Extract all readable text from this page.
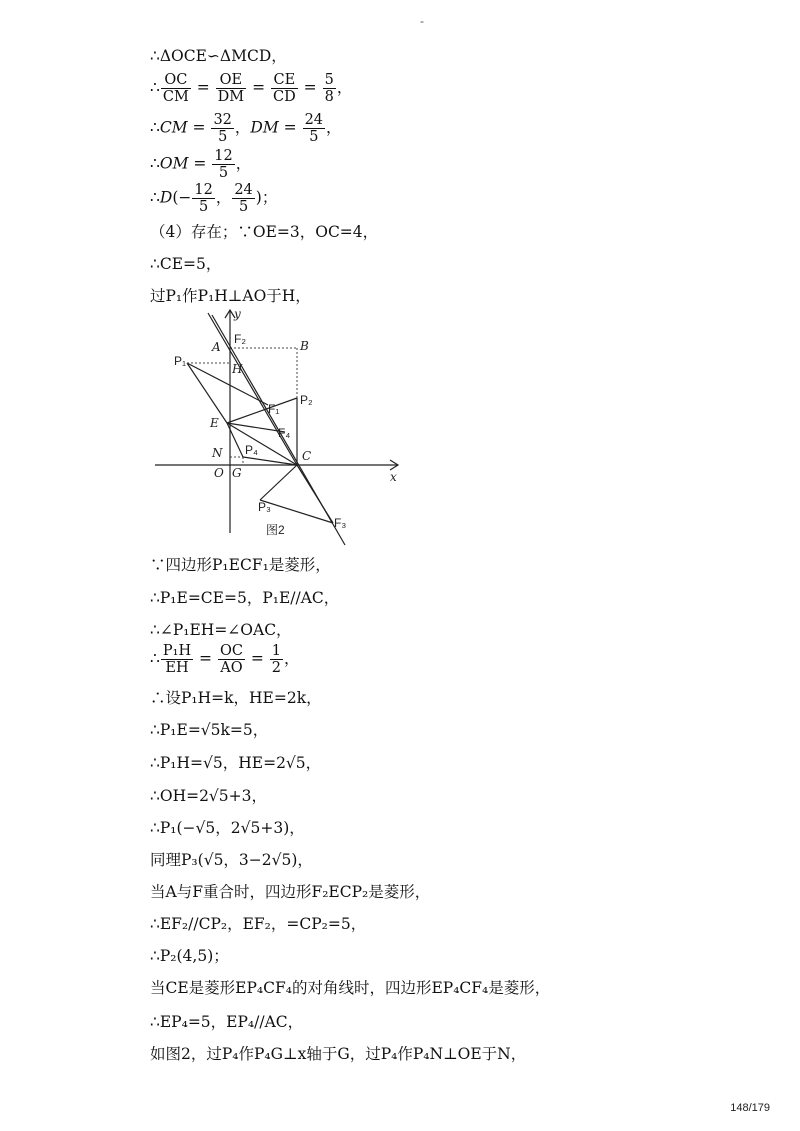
-
∴ΔOCE∽ΔMCD，
∴ $\frac{OC}{CM} = \frac{OE}{DM} = \frac{CE}{CD} = \frac{5}{8}$ ，
∴CM = $\frac{32}{5}$ ，DM = $\frac{24}{5}$ ，
∴OM = $\frac{12}{5}$ ，
∴D(− $\frac{12}{5}$ ， $\frac{24}{5}$ )；
（4）存在；∵OE=3，OC=4，
∴CE=5，
过P₁作P₁H⊥AO于H，
y
x
A
F₂	B
P₁
H
P₂
F₁
E
F₄
N P₄	C
O G
P₃
F₃
图2
∵四边形P₁ECF₁是菱形，
∴P₁E=CE=5，P₁E//AC，
∴∠P₁EH=∠OAC，
∴ $\frac{\text{P₁H}}{EH} = \frac{OC}{AO} = \frac{1}{2}$ ，
∴设P₁H=k，HE=2k，
∴P₁E=√5k=5，
∴P₁H=√5，HE=2√5，
∴OH=2√5+3，
∴P₁(−√5，2√5+3)，
同理P₃(√5，3−2√5)，
当A与F重合时，四边形F₂ECP₂是菱形，
∴EF₂//CP₂，EF₂，=CP₂=5，
∴P₂(4,5)；
当CE是菱形EP₄CF₄的对角线时，四边形EP₄CF₄是菱形，
∴EP₄=5，EP₄//AC，
如图2，过P₄作P₄G⊥x轴于G，过P₄作P₄N⊥OE于N，
148/179
